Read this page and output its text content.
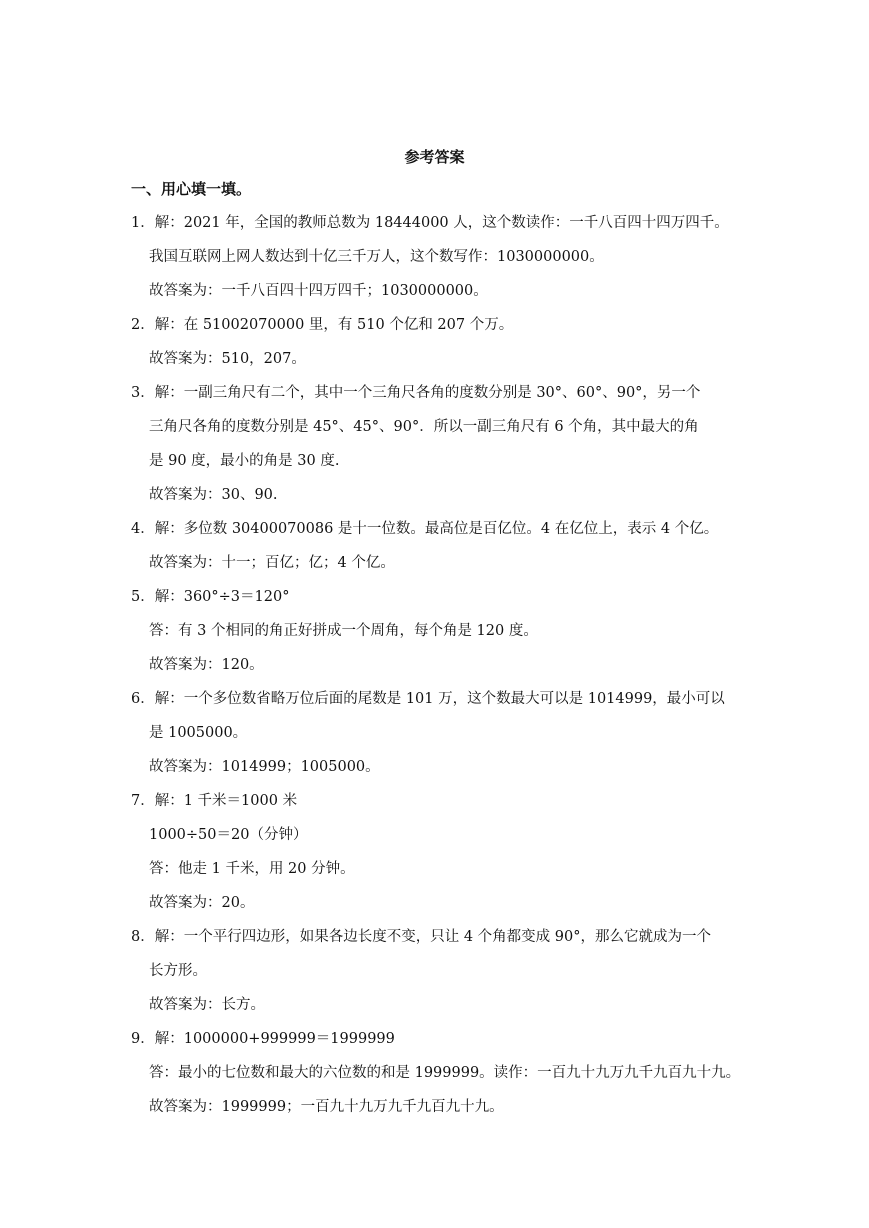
参考答案
一、用心填一填。
1．解：2021 年，全国的教师总数为 18444000 人，这个数读作：一千八百四十四万四千。
我国互联网上网人数达到十亿三千万人，这个数写作：1030000000。
故答案为：一千八百四十四万四千；1030000000。
2．解：在 51002070000 里，有 510 个亿和 207 个万。
故答案为：510，207。
3．解：一副三角尺有二个，其中一个三角尺各角的度数分别是 30°、60°、90°，另一个
三角尺各角的度数分别是 45°、45°、90°．所以一副三角尺有 6 个角，其中最大的角
是 90 度，最小的角是 30 度.
故答案为：30、90.
4．解：多位数 30400070086 是十一位数。最高位是百亿位。4 在亿位上，表示 4 个亿。
故答案为：十一；百亿；亿；4 个亿。
5．解：360°÷3＝120°
答：有 3 个相同的角正好拼成一个周角，每个角是 120 度。
故答案为：120。
6．解：一个多位数省略万位后面的尾数是 101 万，这个数最大可以是 1014999，最小可以
是 1005000。
故答案为：1014999；1005000。
7．解：1 千米＝1000 米
1000÷50＝20（分钟）
答：他走 1 千米，用 20 分钟。
故答案为：20。
8．解：一个平行四边形，如果各边长度不变，只让 4 个角都变成 90°，那么它就成为一个
长方形。
故答案为：长方。
9．解：1000000+999999＝1999999
答：最小的七位数和最大的六位数的和是 1999999。读作：一百九十九万九千九百九十九。
故答案为：1999999；一百九十九万九千九百九十九。
